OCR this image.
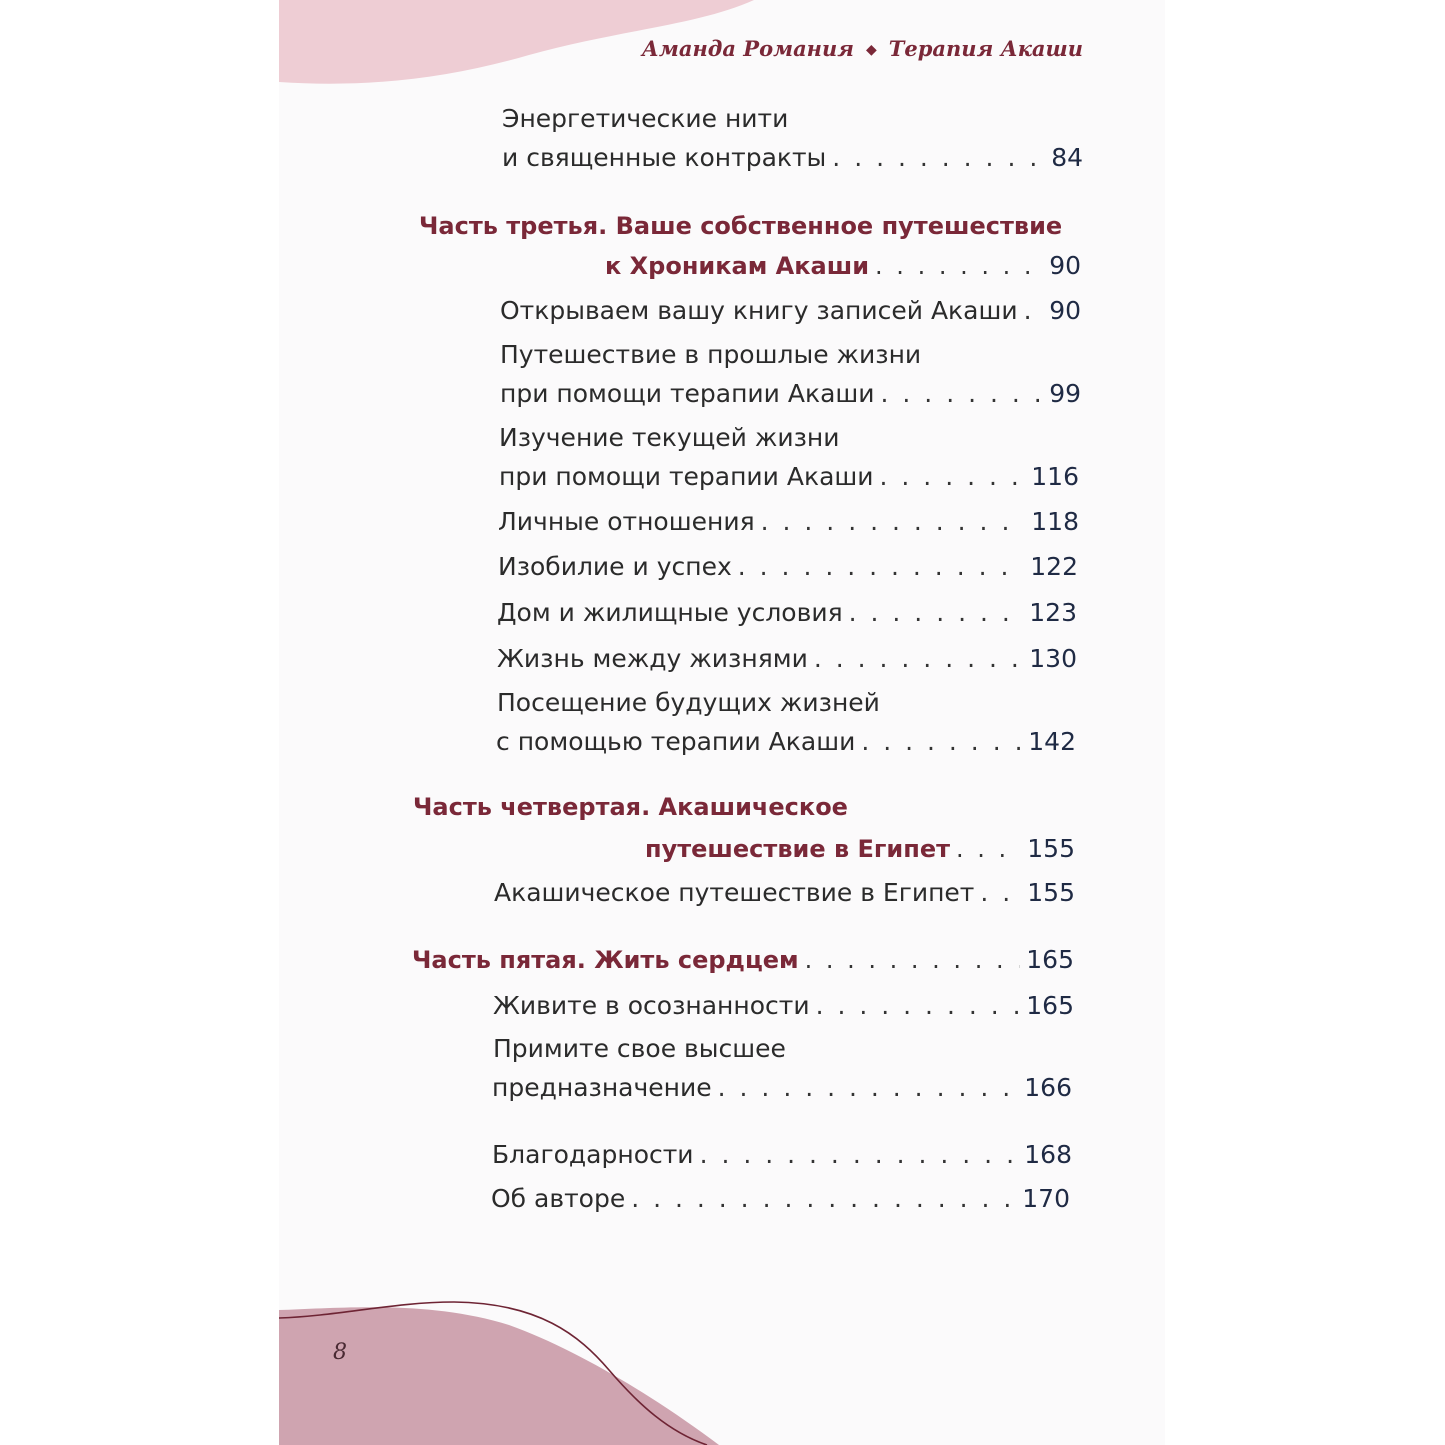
Аманда Романия ◆ Терапия Акаши
Энергетические нити
и священные контракты . . .	84
Часть третья. Ваше собственное путешествие
к Хроникам Акаши . . .	90
Открываем вашу книгу записей Акаши . . . 90
Путешествие в прошлые жизни
при помощи терапии Акаши . . .	99
Изучение текущей жизни
при помощи терапии Акаши . . .	116
Личные отношения . . .	118
Изобилие и успех . . .	122
Дом и жилищные условия . . .	123
Жизнь между жизнями . . .	130
Посещение будущих жизней
с помощью терапии Акаши . . .	142
Часть четвертая. Акашическое
путешествие в Египет . . .	155
Акашическое путешествие в Египет . . . 155
Часть пятая. Жить сердцем . . .	165
Живите в осознанности . . .	165
Примите свое высшее
предназначение . . .	166
Благодарности . . .	168
Об авторе . . .	170
8
